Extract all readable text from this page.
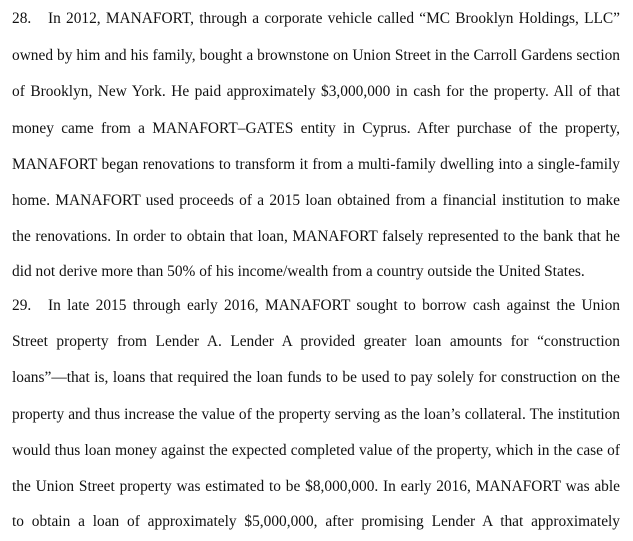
28. In 2012, MANAFORT, through a corporate vehicle called “MC Brooklyn Holdings, LLC”
owned by him and his family, bought a brownstone on Union Street in the Carroll Gardens section
of Brooklyn, New York. He paid approximately $3,000,000 in cash for the property. All of that
money came from a MANAFORT–GATES entity in Cyprus. After purchase of the property,
MANAFORT began renovations to transform it from a multi-family dwelling into a single-family
home. MANAFORT used proceeds of a 2015 loan obtained from a financial institution to make
the renovations. In order to obtain that loan, MANAFORT falsely represented to the bank that he
did not derive more than 50% of his income/wealth from a country outside the United States.
29. In late 2015 through early 2016, MANAFORT sought to borrow cash against the Union
Street property from Lender A. Lender A provided greater loan amounts for “construction
loans”—that is, loans that required the loan funds to be used to pay solely for construction on the
property and thus increase the value of the property serving as the loan’s collateral. The institution
would thus loan money against the expected completed value of the property, which in the case of
the Union Street property was estimated to be $8,000,000. In early 2016, MANAFORT was able
to obtain a loan of approximately $5,000,000, after promising Lender A that approximately
